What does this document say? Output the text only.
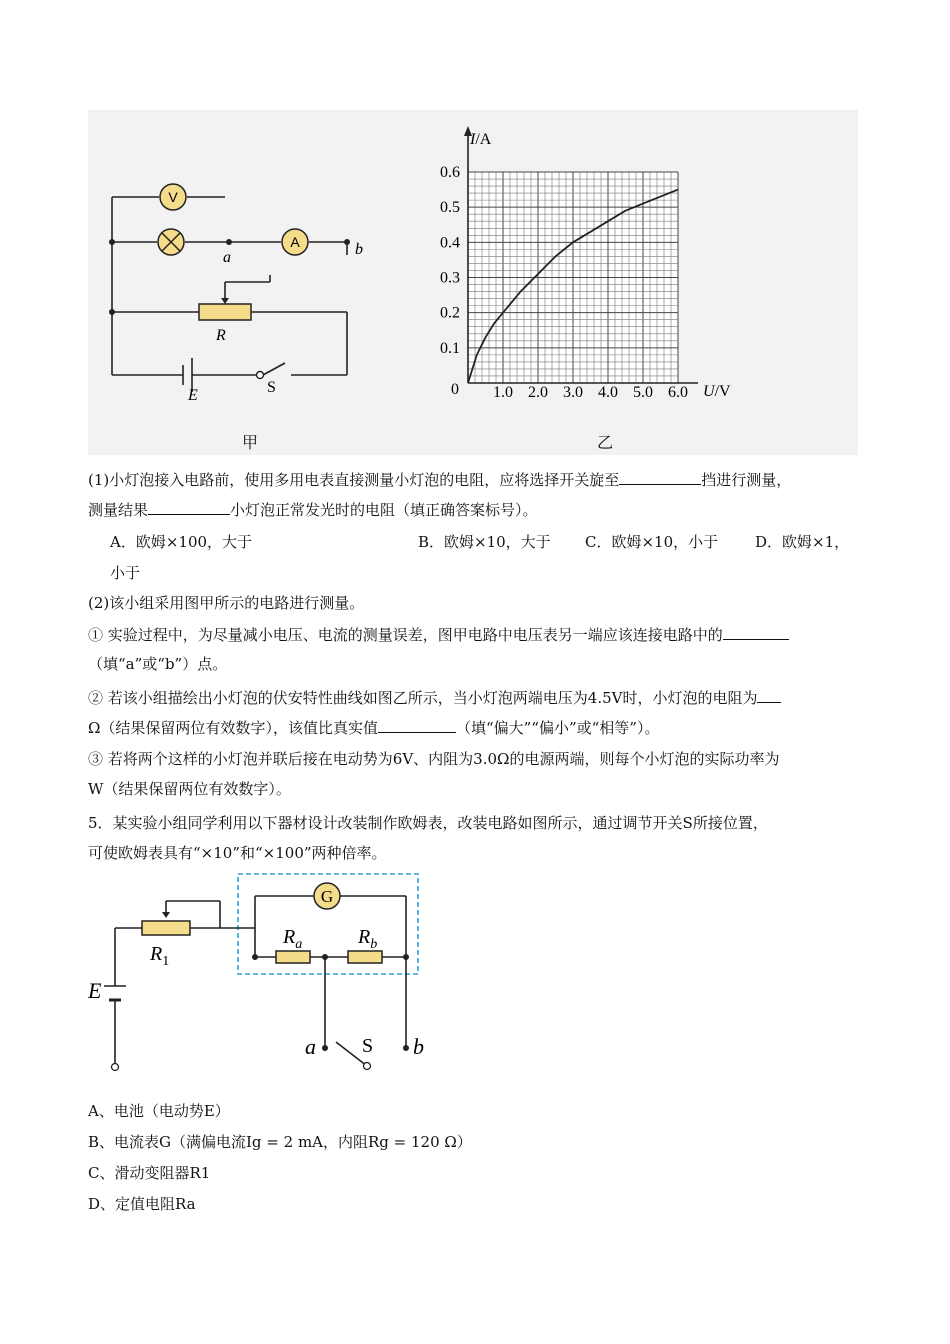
V
A
a	b
R
E	S	1.0 2.0 3.0 4.0 5.0 6.0
0.1
0.2
0.3
0.4
0.5
0.6
I/A
U/V
0
甲	乙
(1)小灯泡接入电路前，使用多用电表直接测量小灯泡的电阻，应将选择开关旋至	挡进行测量，
测量结果	小灯泡正常发光时的电阻（填正确答案标号）。
A．欧姆×100，大于	B．欧姆×10，大于 C．欧姆×10，小于 D．欧姆×1，
小于
(2)该小组采用图甲所示的电路进行测量。
① 实验过程中，为尽量减小电压、电流的测量误差，图甲电路中电压表另一端应该连接电路中的
（填“a”或“b”）点。
② 若该小组描绘出小灯泡的伏安特性曲线如图乙所示，当小灯泡两端电压为4.5V时，小灯泡的电阻为
Ω（结果保留两位有效数字），该值比真实值	（填“偏大”“偏小”或“相等”）。
③ 若将两个这样的小灯泡并联后接在电动势为6V、内阻为3.0Ω的电源两端，则每个小灯泡的实际功率为
W（结果保留两位有效数字）。
5．某实验小组同学利用以下器材设计改装制作欧姆表，改装电路如图所示，通过调节开关S所接位置，
可使欧姆表具有“×10”和“×100”两种倍率。
$R_1$
G
$R_a$	$R_b$
E
a	b
S
A、电池（电动势E）
B、电流表G（满偏电流Ig = 2 mA，内阻Rg = 120 Ω）
C、滑动变阻器R1
D、定值电阻Ra
